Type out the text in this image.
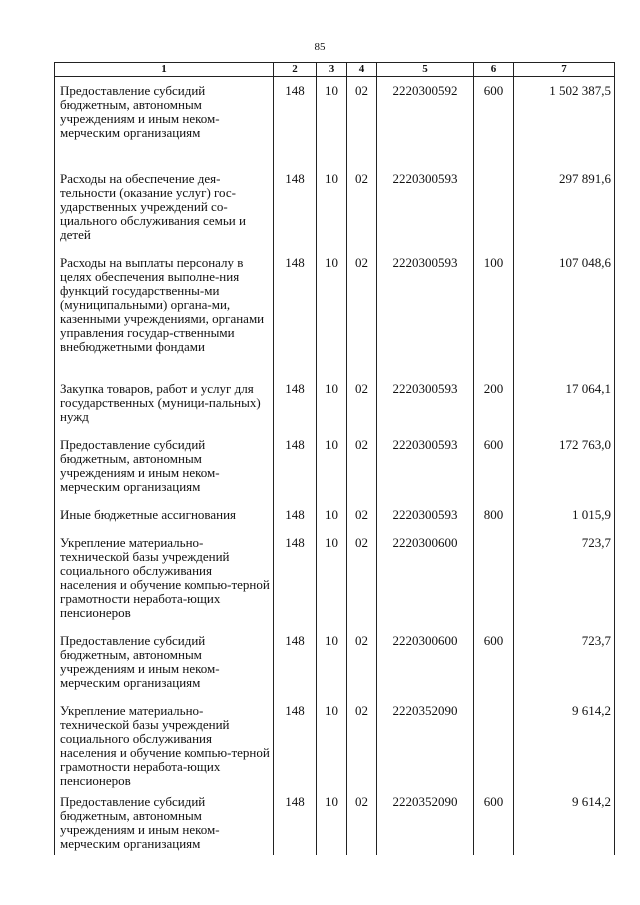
85
1	2	3	4	5	6	7
Предоставление субсидий бюджетным, автономным учреждениям и иным неком-мерческим организациям	148	10	02	2220300592	600	1 502 387,5
Расходы на обеспечение дея-тельности (оказание услуг) гос-ударственных учреждений со-циального обслуживания семьи и детей	148	10	02	2220300593		297 891,6
Расходы на выплаты персоналу в целях обеспечения выполне-ния функций государственны-ми (муниципальными) органа-ми, казенными учреждениями, органами управления государ-ственными внебюджетными фондами	148	10	02	2220300593	100	107 048,6
Закупка товаров, работ и услуг для государственных (муници-пальных) нужд	148	10	02	2220300593	200	17 064,1
Предоставление субсидий бюджетным, автономным учреждениям и иным неком-мерческим организациям	148	10	02	2220300593	600	172 763,0
Иные бюджетные ассигнования	148	10	02	2220300593	800	1 015,9
Укрепление материально-технической базы учреждений социального обслуживания населения и обучение компью-терной грамотности неработа-ющих пенсионеров	148	10	02	2220300600		723,7
Предоставление субсидий бюджетным, автономным учреждениям и иным неком-мерческим организациям	148	10	02	2220300600	600	723,7
Укрепление материально-технической базы учреждений социального обслуживания населения и обучение компью-терной грамотности неработа-ющих пенсионеров	148	10	02	2220352090		9 614,2
Предоставление субсидий бюджетным, автономным учреждениям и иным неком-мерческим организациям	148	10	02	2220352090	600	9 614,2
